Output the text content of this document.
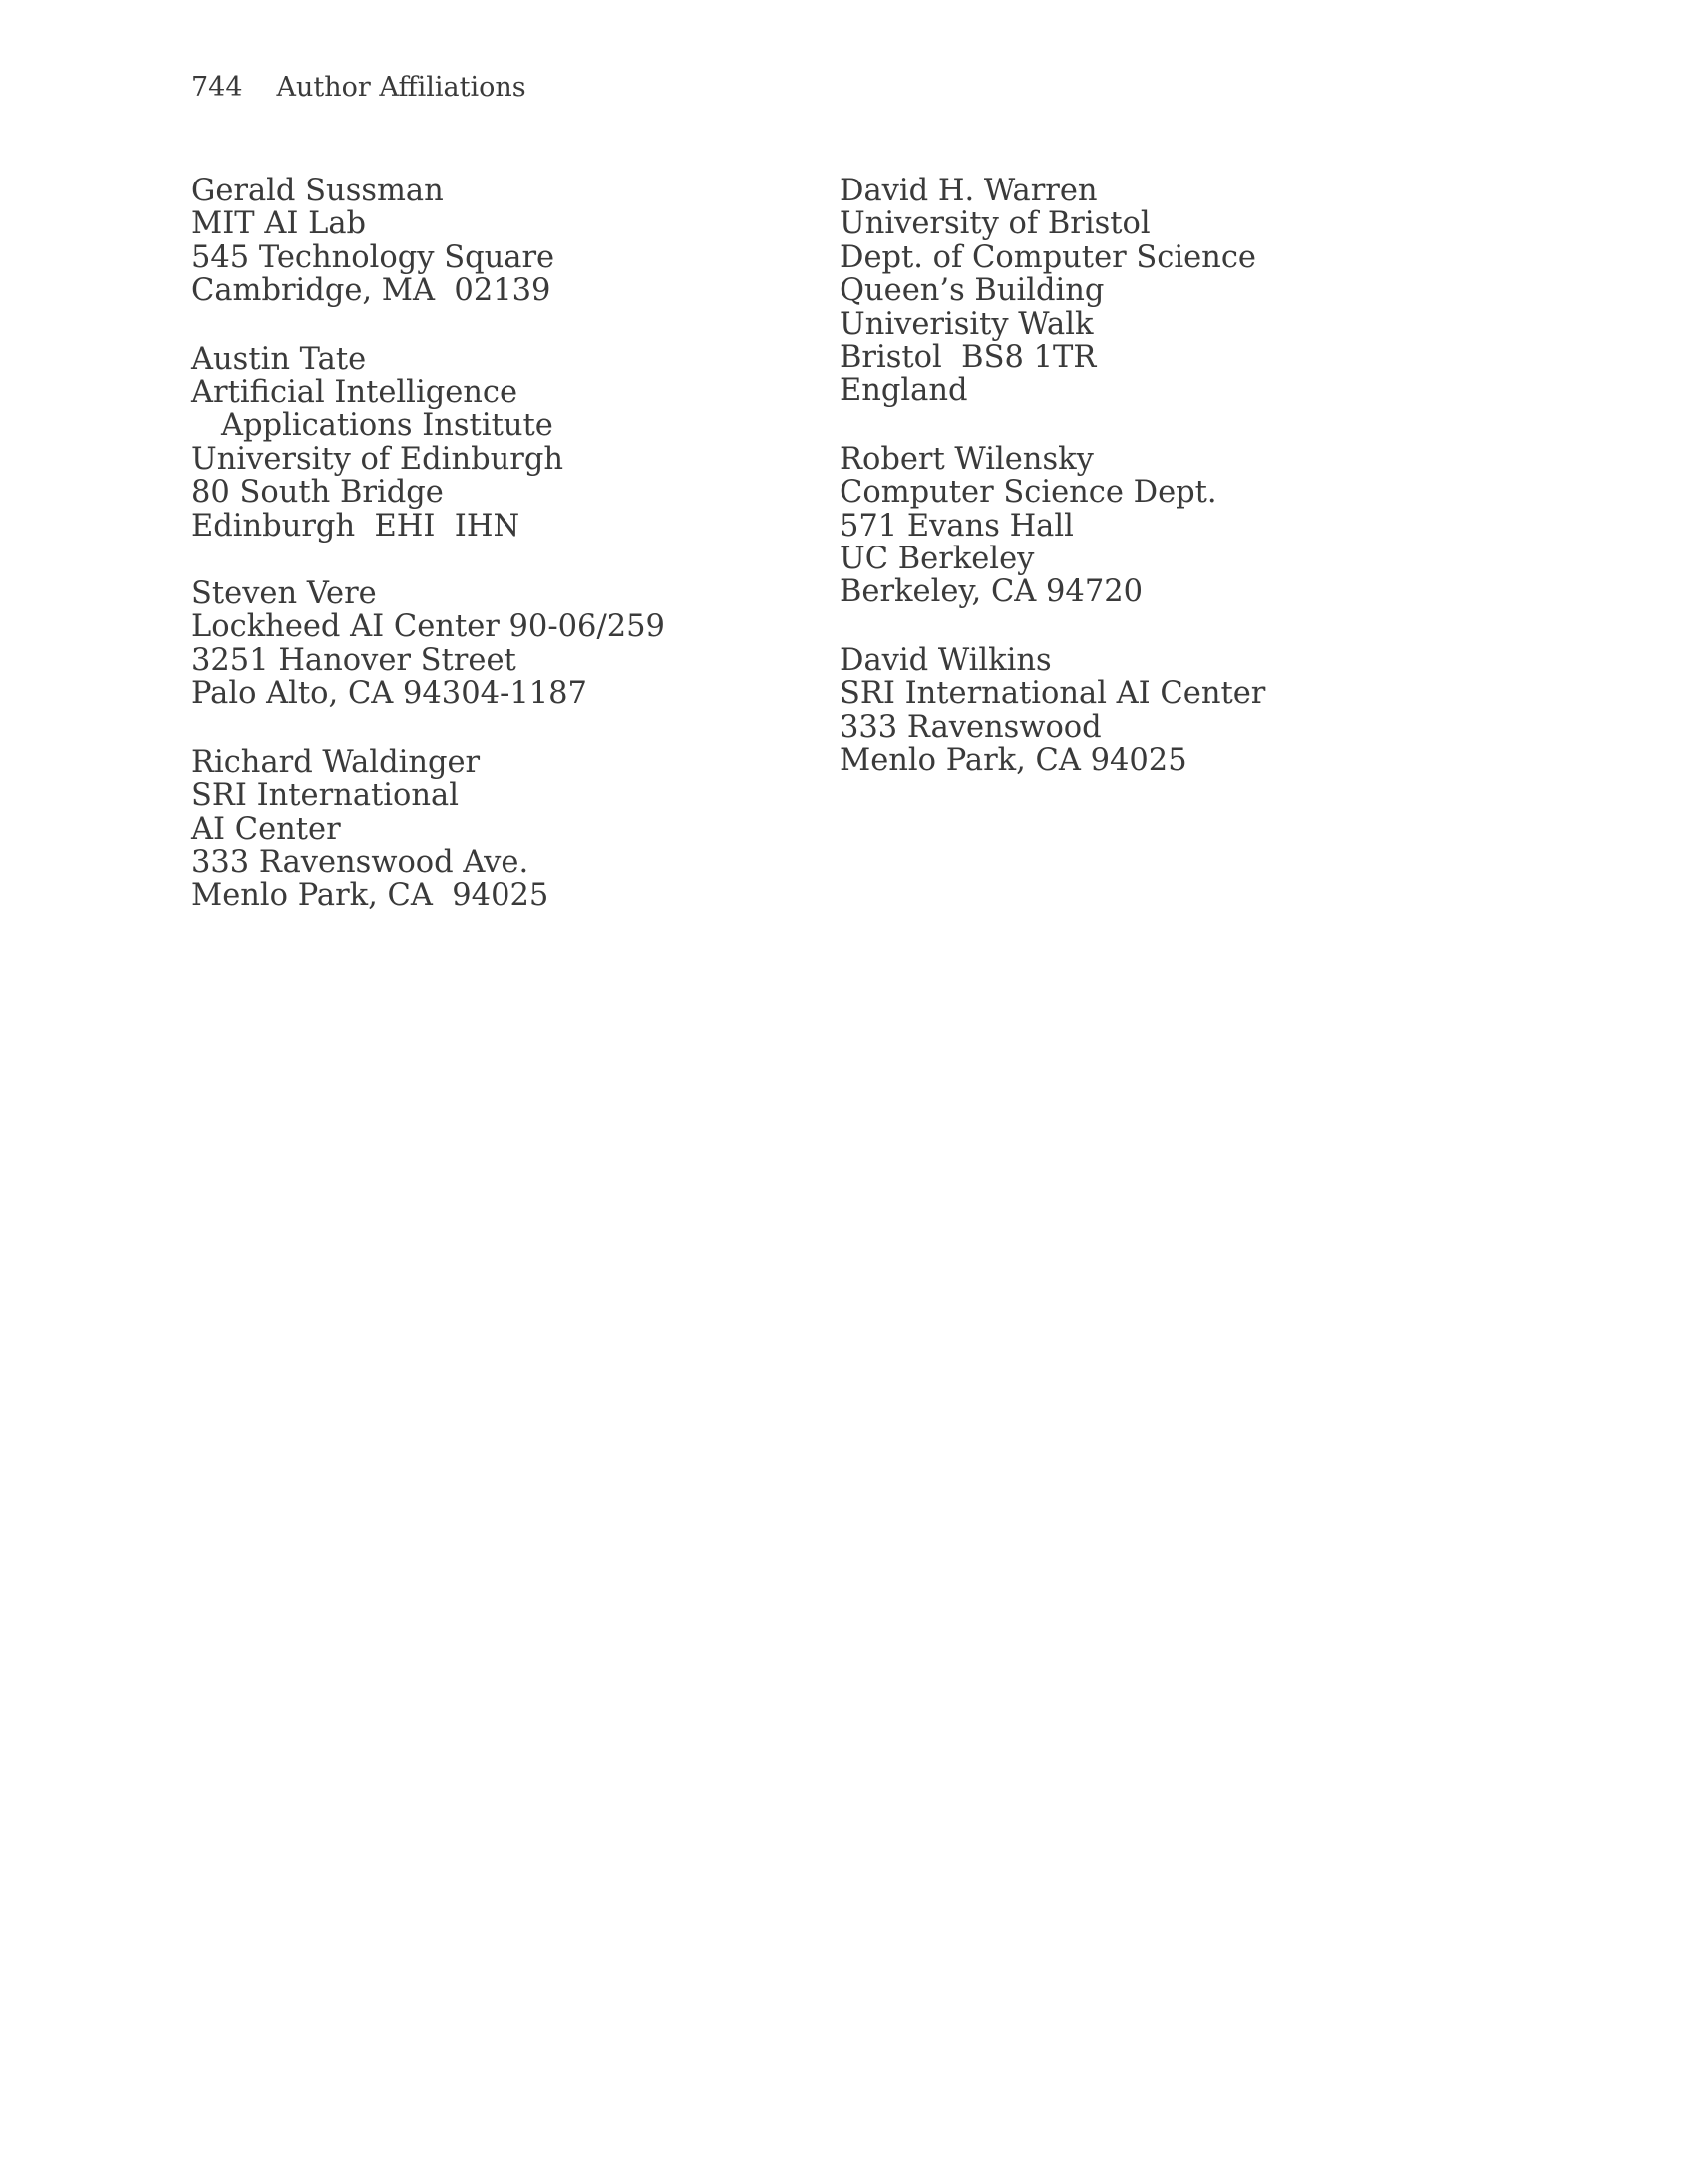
744 Author Affiliations
Gerald Sussman
MIT AI Lab
545 Technology Square
Cambridge, MA  02139
Austin Tate
Artificial Intelligence
Applications Institute
University of Edinburgh
80 South Bridge
Edinburgh  EHI  IHN
Steven Vere
Lockheed AI Center 90-06/259
3251 Hanover Street
Palo Alto, CA 94304-1187
Richard Waldinger
SRI International
AI Center
333 Ravenswood Ave.
Menlo Park, CA  94025
David H. Warren
University of Bristol
Dept. of Computer Science
Queen’s Building
Univerisity Walk
Bristol  BS8 1TR
England
Robert Wilensky
Computer Science Dept.
571 Evans Hall
UC Berkeley
Berkeley, CA 94720
David Wilkins
SRI International AI Center
333 Ravenswood
Menlo Park, CA 94025
